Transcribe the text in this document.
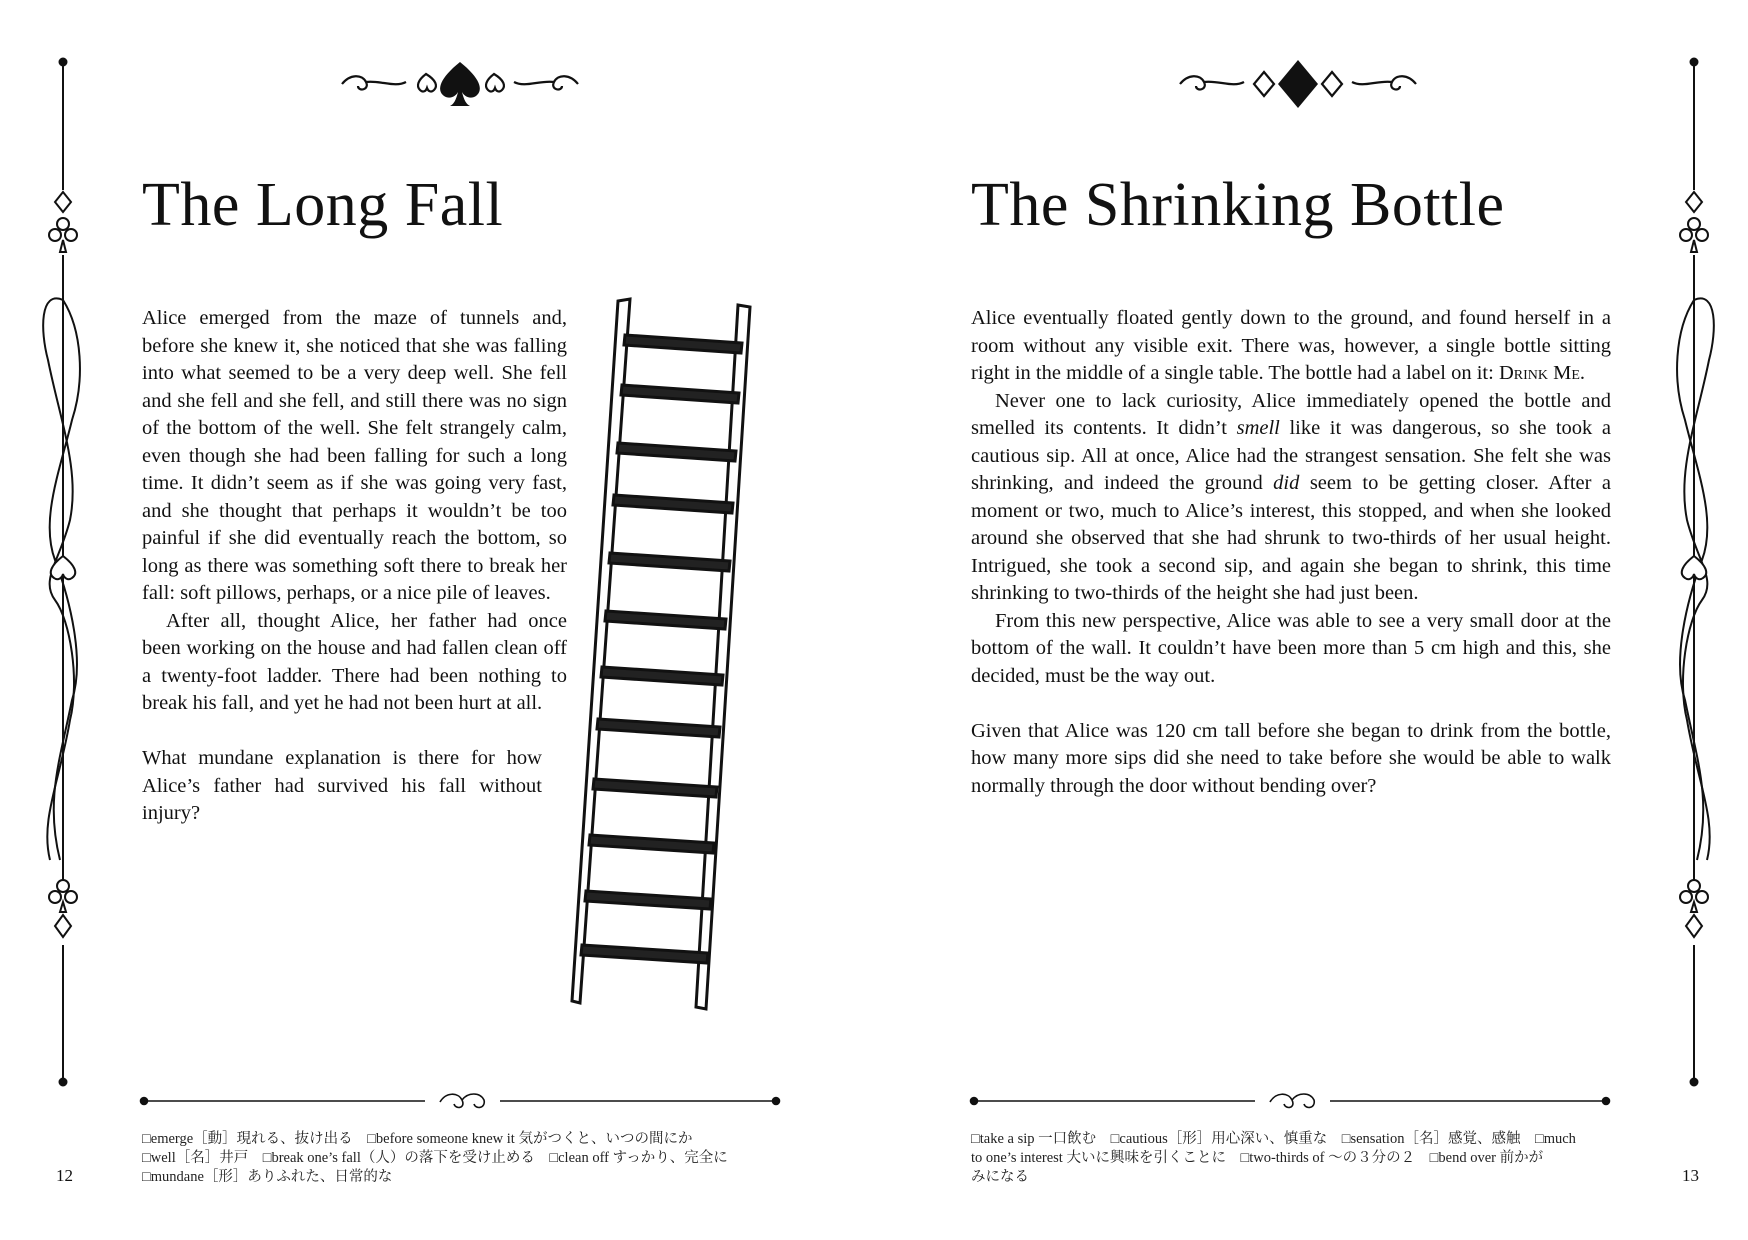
The Long Fall

Alice emerged from the maze of tunnels and, before she knew it, she noticed that she was falling into what seemed to be a very deep well. She fell and she fell and she fell, and still there was no sign of the bottom of the well. She felt strangely calm, even though she had been falling for such a long time. It didn’t seem as if she was going very fast, and she thought that perhaps it wouldn’t be too painful if she did eventually reach the bottom, so long as there was something soft there to break her fall: soft pillows, perhaps, or a nice pile of leaves.

After all, thought Alice, her father had once been working on the house and had fallen clean off a twenty-foot ladder. There had been nothing to break his fall, and yet he had not been hurt at all.

What mundane explanation is there for how Alice’s father had survived his fall without injury?

□emerge［動］現れる、抜け出る　□before someone knew it 気がつくと、いつの間にか
□well［名］井戸　□break one’s fall（人）の落下を受け止める　□clean off すっかり、完全に
□mundane［形］ありふれた、日常的な
12
The Shrinking Bottle

Alice eventually floated gently down to the ground, and found herself in a room without any visible exit. There was, however, a single bottle sitting right in the middle of a single table. The bottle had a label on it: Drink Me.

Never one to lack curiosity, Alice immediately opened the bottle and smelled its contents. It didn’t smell like it was dangerous, so she took a cautious sip. All at once, Alice had the strangest sensation. She felt she was shrinking, and indeed the ground did seem to be getting closer. After a moment or two, much to Alice’s interest, this stopped, and when she looked around she observed that she had shrunk to two-thirds of her usual height. Intrigued, she took a second sip, and again she began to shrink, this time shrinking to two-thirds of the height she had just been.

From this new perspective, Alice was able to see a very small door at the bottom of the wall. It couldn’t have been more than 5 cm high and this, she decided, must be the way out.

Given that Alice was 120 cm tall before she began to drink from the bottle, how many more sips did she need to take before she would be able to walk normally through the door without bending over?

□take a sip 一口飲む　□cautious［形］用心深い、慎重な　□sensation［名］感覚、感触　□much
to one’s interest 大いに興味を引くことに　□two-thirds of ～の３分の２　□bend over 前かが
みになる	13
